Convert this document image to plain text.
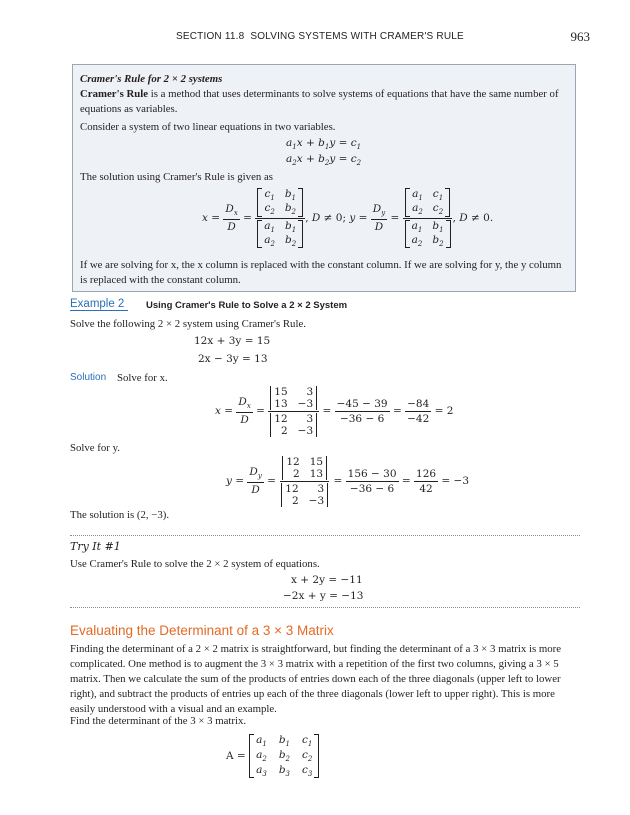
SECTION 11.8 SOLVING SYSTEMS WITH CRAMER'S RULE	963
Cramer's Rule for 2 × 2 systems
Cramer's Rule is a method that uses determinants to solve systems of equations that have the same number of equations as variables.
Consider a system of two linear equations in two variables.
$a_1x + b_1y = c_1$
$a_2x + b_2y = c_2$
The solution using Cramer's Rule is given as
$x = \frac{D_x}{D} = c_1$ $b_1$
$c_2$ $b_2$
$a_1$ $b_1$
$a_2$ $b_2$ , D ≠ 0; $y = \frac{D_y}{D} = a_1$ $c_1$
$a_2$ $c_2$
$a_1$ $b_1$
$a_2$ $b_2$ , D ≠ 0.
If we are solving for x, the x column is replaced with the constant column. If we are solving for y, the y column is replaced with the constant column.
Example 2	Using Cramer's Rule to Solve a 2 × 2 System
Solve the following 2 × 2 system using Cramer's Rule.
12x + 3y = 15
2x − 3y = 13
Solution Solve for x.
$x = \frac{D_x}{D} = 15$	3
13 −3
12	3
$2 -3 = \frac{-45 - 39}{-36 - 6} = \frac{-84}{-42}$
= 2
Solve for y.
$y = \frac{D_y}{D} = 12$ 15
2 13
12	3
$2 -3 = \frac{156 - 30}{-36 - 6} = \frac{126}{42}$
= −3
The solution is (2, −3).
Try It #1
Use Cramer's Rule to solve the 2 × 2 system of equations.
x + 2y = −11
−2x + y = −13
Evaluating the Determinant of a 3 × 3 Matrix
Finding the determinant of a 2 × 2 matrix is straightforward, but finding the determinant of a 3 × 3 matrix is more complicated. One method is to augment the 3 × 3 matrix with a repetition of the first two columns, giving a 3 × 5 matrix. Then we calculate the sum of the products of entries down each of the three diagonals (upper left to lower right), and subtract the products of entries up each of the three diagonals (lower left to upper right). This is more easily understood with a visual and an example.
Find the determinant of the 3 × 3 matrix.
A =
$a_1$ $b_1$ $c_1$
$a_2$ $b_2$ $c_2$
$a_3$ $b_3$ $c_3$
